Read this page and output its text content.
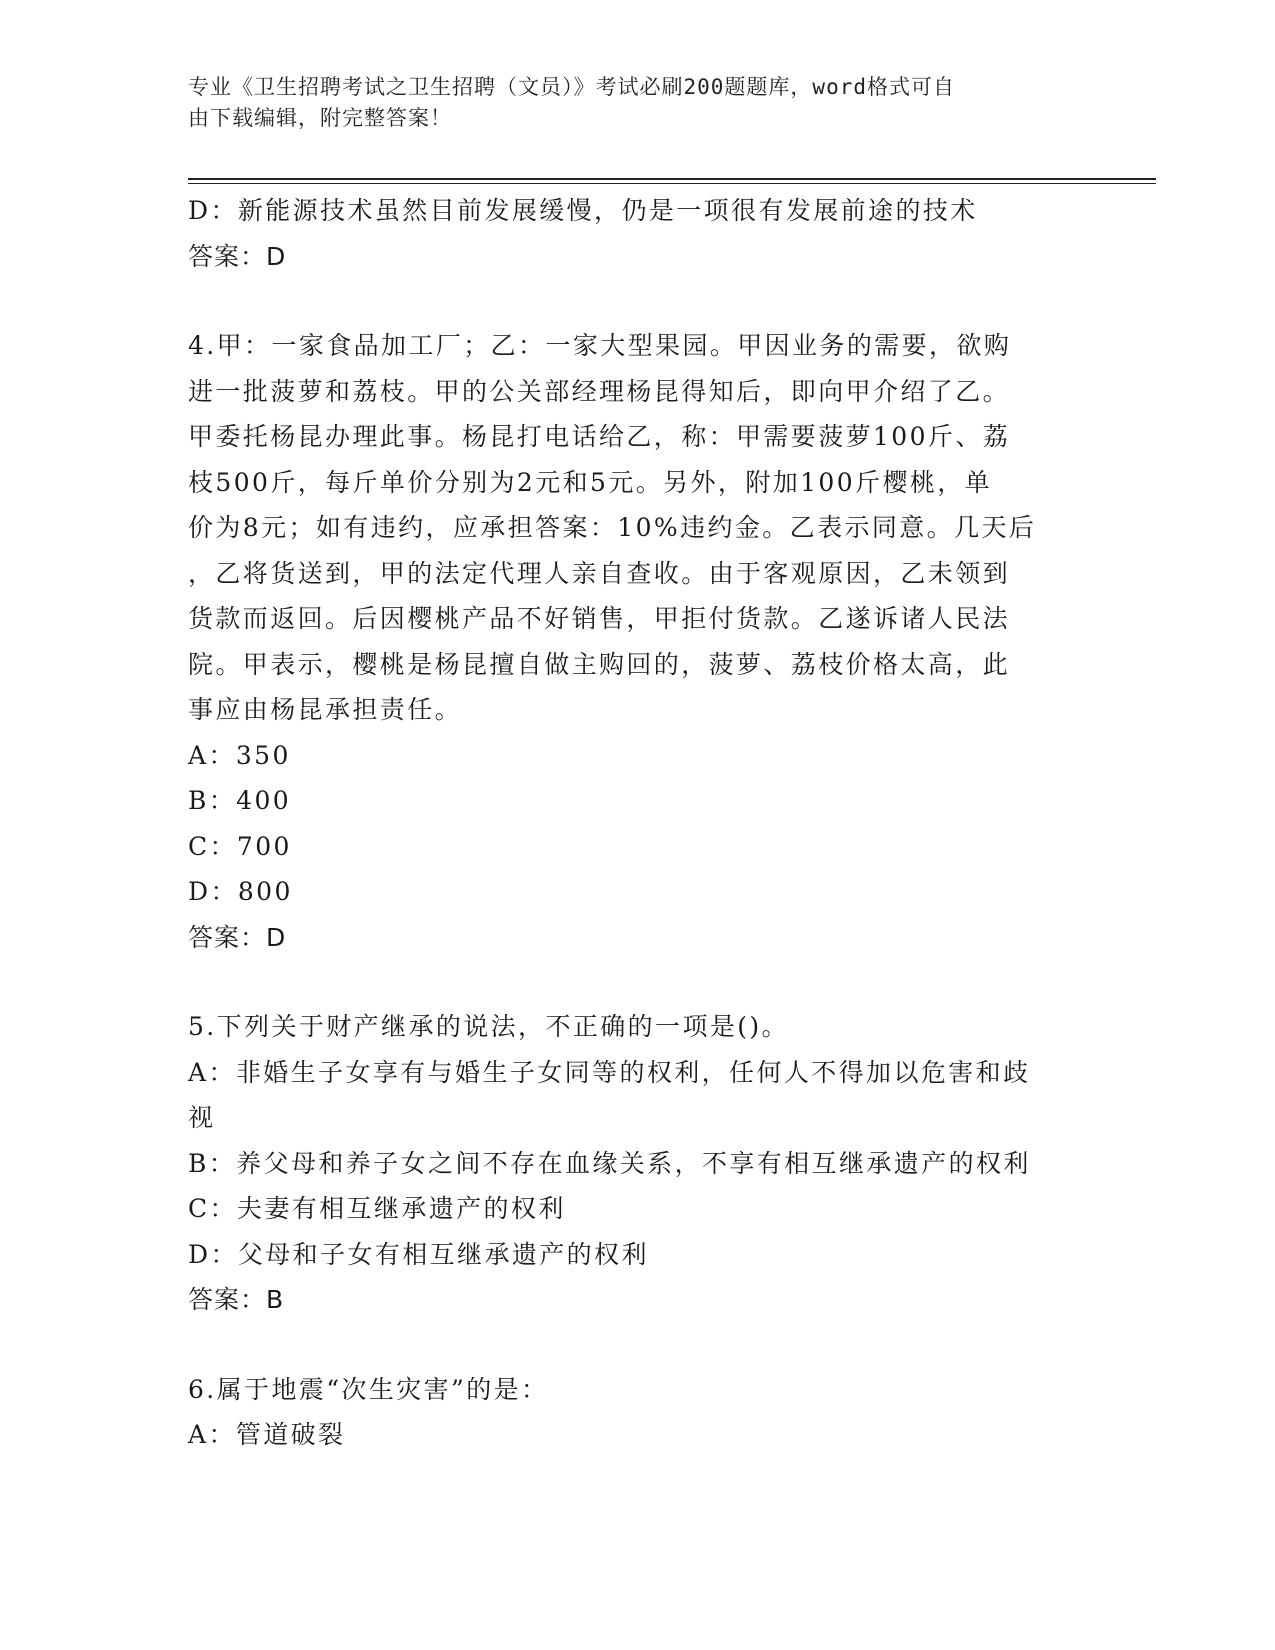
专业《卫生招聘考试之卫生招聘（文员）》考试必刷200题题库，word格式可自
由下载编辑，附完整答案！

D：新能源技术虽然目前发展缓慢，仍是一项很有发展前途的技术

答案：D

4.甲：一家食品加工厂；乙：一家大型果园。甲因业务的需要，欲购

进一批菠萝和荔枝。甲的公关部经理杨昆得知后，即向甲介绍了乙。

甲委托杨昆办理此事。杨昆打电话给乙，称：甲需要菠萝100斤、荔

枝500斤，每斤单价分别为2元和5元。另外，附加100斤樱桃，单

价为8元；如有违约，应承担答案：10%违约金。乙表示同意。几天后

，乙将货送到，甲的法定代理人亲自查收。由于客观原因，乙未领到

货款而返回。后因樱桃产品不好销售，甲拒付货款。乙遂诉诸人民法

院。甲表示，樱桃是杨昆擅自做主购回的，菠萝、荔枝价格太高，此

事应由杨昆承担责任。

A：350

B：400

C：700

D：800

答案：D

5.下列关于财产继承的说法，不正确的一项是()。

A：非婚生子女享有与婚生子女同等的权利，任何人不得加以危害和歧

视

B：养父母和养子女之间不存在血缘关系，不享有相互继承遗产的权利

C：夫妻有相互继承遗产的权利

D：父母和子女有相互继承遗产的权利

答案：B

6.属于地震“次生灾害”的是：

A：管道破裂
